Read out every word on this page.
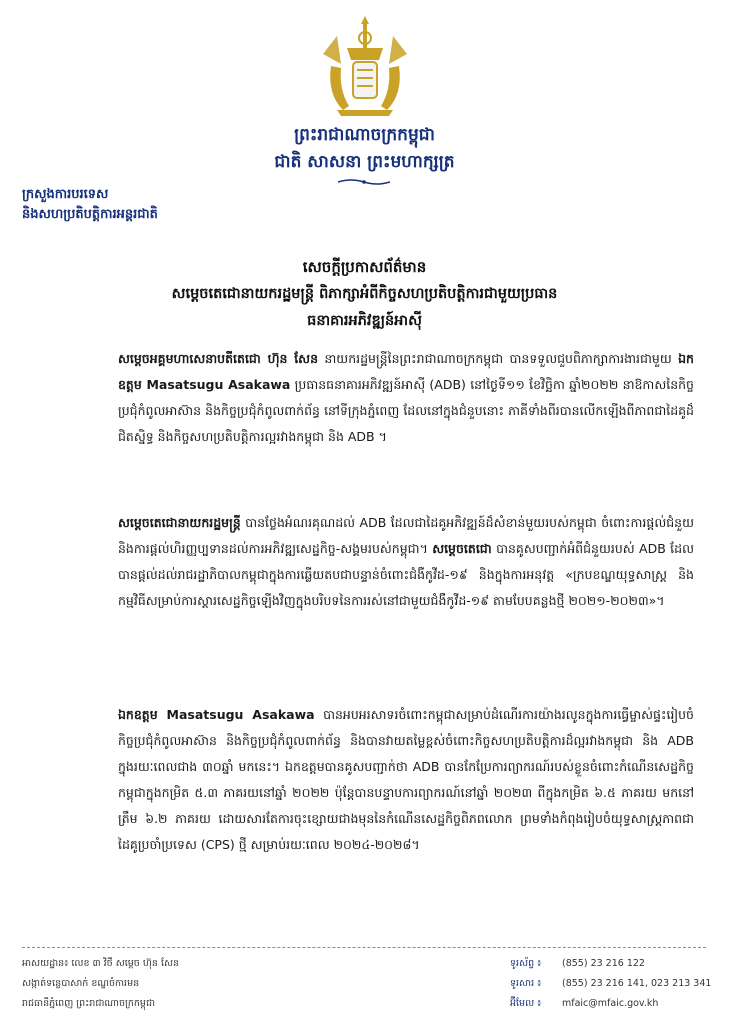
ព្រះរាជាណាចក្រកម្ពុជា
ជាតិ សាសនា ព្រះមហាក្សត្រ
ក្រសួងការបរទេស
និងសហប្រតិបត្តិការអន្តរជាតិ
សេចក្តីប្រកាសព័ត៌មាន
សម្តេចតេជោនាយករដ្ឋមន្ត្រី ពិភាក្សាអំពីកិច្ចសហប្រតិបត្តិការជាមួយប្រធាន
ធនាគារអភិវឌ្ឍន៍អាស៊ី

សម្តេចអគ្គមហាសេនាបតីតេជោ ហ៊ុន សែន នាយករដ្ឋមន្ត្រីនៃព្រះរាជាណាចក្រកម្ពុជា បានទទួលជួបពិភាក្សាការងារជាមួយ ឯកឧត្តម Masatsugu Asakawa ប្រធានធនាគារអភិវឌ្ឍន៍អាស៊ី (ADB) នៅថ្ងៃទី១១ ខែវិច្ឆិកា ឆ្នាំ២០២២ នាឱកាសនៃកិច្ចប្រជុំកំពូលអាស៊ាន និងកិច្ចប្រជុំកំពូលពាក់ព័ន្ធ នៅទីក្រុងភ្នំពេញ ដែលនៅក្នុងជំនួបនោះ ភាគីទាំងពីរបានលើកឡើងពីភាពជាដៃគូដ៏ជិតស្និទ្ធ និងកិច្ចសហប្រតិបត្តិការល្អរវាងកម្ពុជា និង ADB ។

សម្តេចតេជោនាយករដ្ឋមន្ត្រី បានថ្លែងអំណរគុណដល់ ADB ដែលជាដៃគូអភិវឌ្ឍន៍ដ៏សំខាន់មួយរបស់កម្ពុជា ចំពោះការផ្តល់ជំនួយ និងការផ្តល់ហិរញ្ញប្បទានដល់ការអភិវឌ្ឍសេដ្ឋកិច្ច-សង្គមរបស់កម្ពុជា។ សម្តេចតេជោ បានគូសបញ្ជាក់អំពីជំនួយរបស់ ADB ដែលបានផ្តល់ដល់រាជរដ្ឋាភិបាលកម្ពុជាក្នុងការឆ្លើយតបជាបន្ទាន់ចំពោះជំងឺកូវីដ-១៩ និងក្នុងការអនុវត្ត «ក្របខណ្ឌយុទ្ធសាស្ត្រ និងកម្មវិធីសម្រាប់ការស្តារសេដ្ឋកិច្ចឡើងវិញក្នុងបរិបទនៃការរស់នៅជាមួយជំងឺកូវីដ-១៩ តាមបែបគន្លងថ្មី ២០២១-២០២៣»។

ឯកឧត្តម Masatsugu Asakawa បានអបអរសាទរចំពោះកម្ពុជាសម្រាប់ដំណើរការយ៉ាងរលូនក្នុងការធ្វើម្ចាស់ផ្ទះរៀបចំកិច្ចប្រជុំកំពូលអាស៊ាន និងកិច្ចប្រជុំកំពូលពាក់ព័ន្ធ និងបានវាយតម្លៃខ្ពស់ចំពោះកិច្ចសហប្រតិបត្តិការដ៏ល្អរវាងកម្ពុជា និង ADB ក្នុងរយៈពេលជាង ៣០ឆ្នាំ មកនេះ។ ឯកឧត្តមបានគូសបញ្ជាក់ថា ADB បានកែប្រែការព្យាករណ៍របស់ខ្លួនចំពោះកំណើនសេដ្ឋកិច្ចកម្ពុជាក្នុងកម្រិត ៥.៣ ភាគរយនៅឆ្នាំ ២០២២ ប៉ុន្តែបានបន្ទាបការព្យាករណ៍នៅឆ្នាំ ២០២៣ ពីក្នុងកម្រិត ៦.៥ ភាគរយ មកនៅត្រឹម ៦.២ ភាគរយ ដោយសារតែការចុះខ្សោយជាងមុននៃកំណើនសេដ្ឋកិច្ចពិភពលោក ព្រមទាំងកំពុងរៀបចំយុទ្ធសាស្ត្រភាពជាដៃគូប្រចាំប្រទេស (CPS) ថ្មី សម្រាប់រយៈពេល ២០២៤-២០២៨។

អាសយដ្ឋាន៖ លេខ ៣ វិថី សម្តេច ហ៊ុន សែន
សង្កាត់ទន្លេបាសាក់ ខណ្ឌចំការមន
រាជធានីភ្នំពេញ ព្រះរាជាណាចក្រកម្ពុជា
ទូរស័ព្ទ ៖ (855) 23 216 122
ទូរសារ ៖ (855) 23 216 141, 023 213 341
អ៊ីមែល ៖ mfaic@mfaic.gov.kh
